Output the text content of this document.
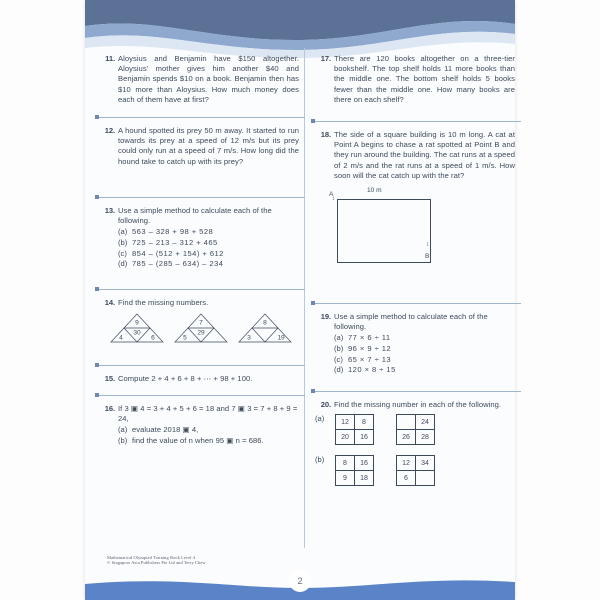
11. Aloysius and Benjamin have $150 altogether. Aloysius' mother gives him another $40 and Benjamin spends $10 on a book. Benjamin then has $10 more than Aloysius. How much money does each of them have at first?
12. A hound spotted its prey 50 m away. It started to run towards its prey at a speed of 12 m/s but its prey could only run at a speed of 7 m/s. How long did the hound take to catch up with its prey?
13. Use a simple method to calculate each of the following.
(a) 563 – 328 + 98 + 528
(b) 725 – 213 – 312 + 465
(c) 854 – (512 + 154) + 612
(d) 785 – (285 – 634) – 234
14. Find the missing numbers.
9
30
4	6
7
29
5
8
3	19
15. Compute 2 + 4 + 6 + 8 + ⋯ + 98 + 100.
16. If 3 ▣ 4 = 3 + 4 + 5 + 6 = 18 and 7 ▣ 3 = 7 + 8 + 9 = 24,
(a) evaluate 2018 ▣ 4,
(b) find the value of n when 95 ▣ n = 686.
17. There are 120 books altogether on a three-tier bookshelf. The top shelf holds 11 more books than the middle one. The bottom shelf holds 5 books fewer than the middle one. How many books are there on each shelf?
18. The side of a square building is 10 m long. A cat at Point A begins to chase a rat spotted at Point B and they run around the building. The cat runs at a speed of 2 m/s and the rat runs at a speed of 1 m/s. How soon will the cat catch up with the rat?
10 m
A
↕
B
↕
19. Use a simple method to calculate each of the following.
(a) 77 × 6 ÷ 11
(b) 96 × 9 ÷ 12
(c) 65 × 7 ÷ 13
(d) 120 × 8 ÷ 15
20. Find the missing number in each of the following.
(a)	12	8
20	16
	24
26	28
(b)	8	16
9	18
12	34
6	
Mathematical Olympiad Training Book Level 4
© Singapore Asia Publishers Pte Ltd and Terry Chew
2
